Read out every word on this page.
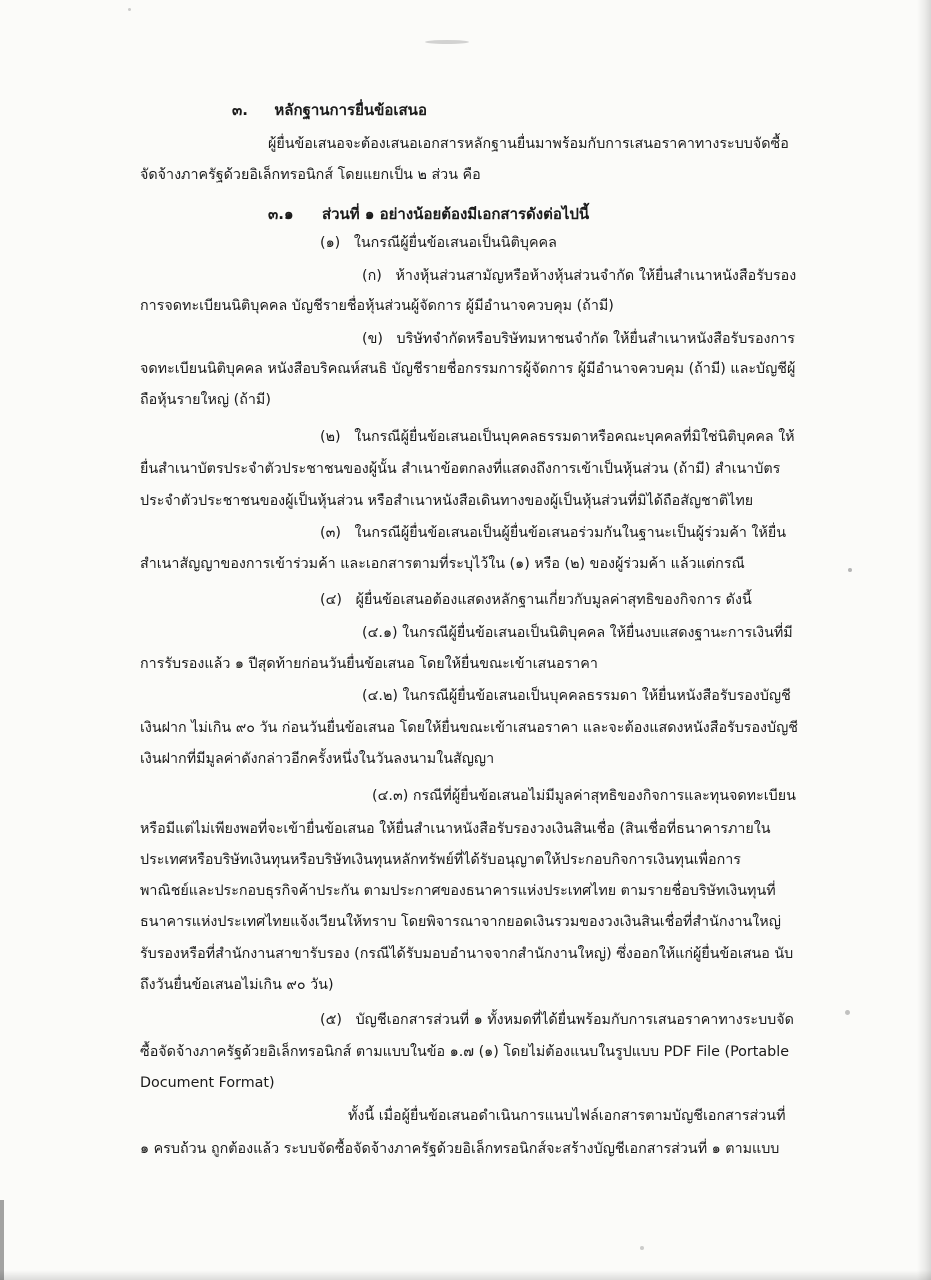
๓. หลักฐานการยื่นข้อเสนอ

ผู้ยื่นข้อเสนอจะต้องเสนอเอกสารหลักฐานยื่นมาพร้อมกับการเสนอราคาทางระบบจัดซื้อ

จัดจ้างภาครัฐด้วยอิเล็กทรอนิกส์ โดยแยกเป็น ๒ ส่วน คือ

๓.๑ ส่วนที่ ๑ อย่างน้อยต้องมีเอกสารดังต่อไปนี้

(๑)   ในกรณีผู้ยื่นข้อเสนอเป็นนิติบุคคล

(ก)   ห้างหุ้นส่วนสามัญหรือห้างหุ้นส่วนจำกัด ให้ยื่นสำเนาหนังสือรับรอง

การจดทะเบียนนิติบุคคล บัญชีรายชื่อหุ้นส่วนผู้จัดการ ผู้มีอำนาจควบคุม (ถ้ามี)

(ข)   บริษัทจำกัดหรือบริษัทมหาชนจำกัด ให้ยื่นสำเนาหนังสือรับรองการ

จดทะเบียนนิติบุคคล หนังสือบริคณห์สนธิ บัญชีรายชื่อกรรมการผู้จัดการ ผู้มีอำนาจควบคุม (ถ้ามี) และบัญชีผู้

ถือหุ้นรายใหญ่ (ถ้ามี)

(๒)   ในกรณีผู้ยื่นข้อเสนอเป็นบุคคลธรรมดาหรือคณะบุคคลที่มิใช่นิติบุคคล ให้

ยื่นสำเนาบัตรประจำตัวประชาชนของผู้นั้น สำเนาข้อตกลงที่แสดงถึงการเข้าเป็นหุ้นส่วน (ถ้ามี) สำเนาบัตร

ประจำตัวประชาชนของผู้เป็นหุ้นส่วน หรือสำเนาหนังสือเดินทางของผู้เป็นหุ้นส่วนที่มิได้ถือสัญชาติไทย

(๓)   ในกรณีผู้ยื่นข้อเสนอเป็นผู้ยื่นข้อเสนอร่วมกันในฐานะเป็นผู้ร่วมค้า ให้ยื่น

สำเนาสัญญาของการเข้าร่วมค้า และเอกสารตามที่ระบุไว้ใน (๑) หรือ (๒) ของผู้ร่วมค้า แล้วแต่กรณี

(๔)   ผู้ยื่นข้อเสนอต้องแสดงหลักฐานเกี่ยวกับมูลค่าสุทธิของกิจการ ดังนี้

(๔.๑) ในกรณีผู้ยื่นข้อเสนอเป็นนิติบุคคล ให้ยื่นงบแสดงฐานะการเงินที่มี

การรับรองแล้ว ๑ ปีสุดท้ายก่อนวันยื่นข้อเสนอ โดยให้ยื่นขณะเข้าเสนอราคา

(๔.๒) ในกรณีผู้ยื่นข้อเสนอเป็นบุคคลธรรมดา ให้ยื่นหนังสือรับรองบัญชี

เงินฝาก ไม่เกิน ๙๐ วัน ก่อนวันยื่นข้อเสนอ โดยให้ยื่นขณะเข้าเสนอราคา และจะต้องแสดงหนังสือรับรองบัญชี

เงินฝากที่มีมูลค่าดังกล่าวอีกครั้งหนึ่งในวันลงนามในสัญญา

(๔.๓) กรณีที่ผู้ยื่นข้อเสนอไม่มีมูลค่าสุทธิของกิจการและทุนจดทะเบียน

หรือมีแต่ไม่เพียงพอที่จะเข้ายื่นข้อเสนอ ให้ยื่นสำเนาหนังสือรับรองวงเงินสินเชื่อ (สินเชื่อที่ธนาคารภายใน

ประเทศหรือบริษัทเงินทุนหรือบริษัทเงินทุนหลักทรัพย์ที่ได้รับอนุญาตให้ประกอบกิจการเงินทุนเพื่อการ

พาณิชย์และประกอบธุรกิจค้าประกัน ตามประกาศของธนาคารแห่งประเทศไทย ตามรายชื่อบริษัทเงินทุนที่

ธนาคารแห่งประเทศไทยแจ้งเวียนให้ทราบ โดยพิจารณาจากยอดเงินรวมของวงเงินสินเชื่อที่สำนักงานใหญ่

รับรองหรือที่สำนักงานสาขารับรอง (กรณีได้รับมอบอำนาจจากสำนักงานใหญ่) ซึ่งออกให้แก่ผู้ยื่นข้อเสนอ นับ

ถึงวันยื่นข้อเสนอไม่เกิน ๙๐ วัน)

(๕)   บัญชีเอกสารส่วนที่ ๑ ทั้งหมดที่ได้ยื่นพร้อมกับการเสนอราคาทางระบบจัด

ซื้อจัดจ้างภาครัฐด้วยอิเล็กทรอนิกส์ ตามแบบในข้อ ๑.๗ (๑) โดยไม่ต้องแนบในรูปแบบ PDF File (Portable

Document Format)

ทั้งนี้ เมื่อผู้ยื่นข้อเสนอดำเนินการแนบไฟล์เอกสารตามบัญชีเอกสารส่วนที่

๑ ครบถ้วน ถูกต้องแล้ว ระบบจัดซื้อจัดจ้างภาครัฐด้วยอิเล็กทรอนิกส์จะสร้างบัญชีเอกสารส่วนที่ ๑ ตามแบบ
